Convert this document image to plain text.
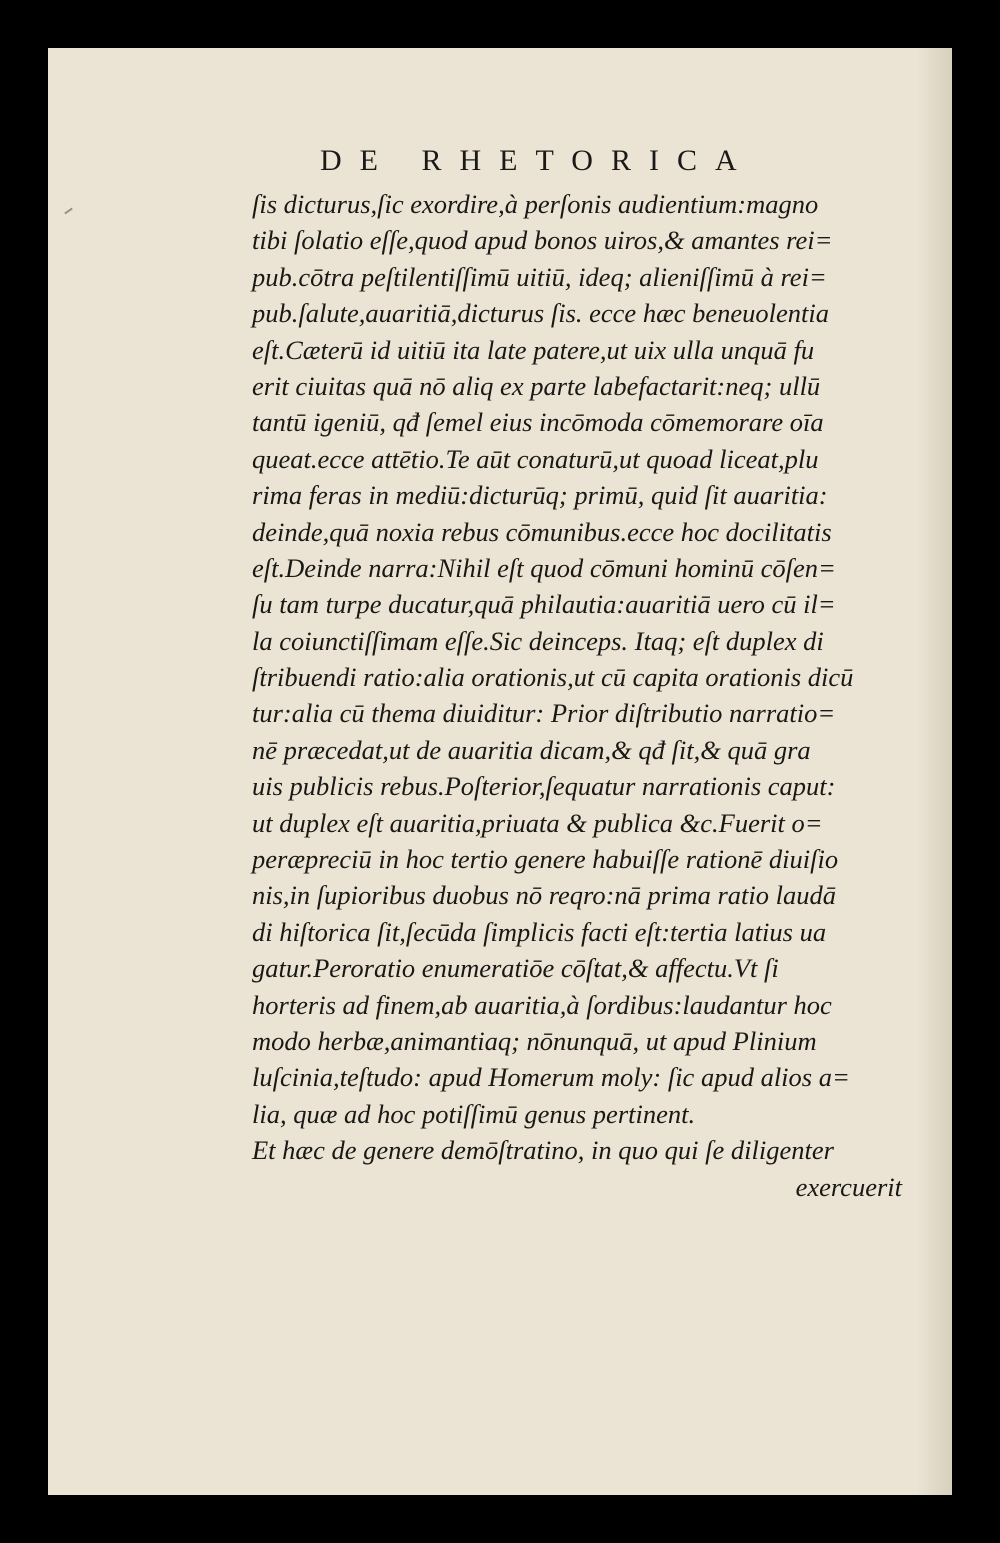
DE RHETORICA
ſis dicturus,ſic exordire,à perſonis audientium:magno
tibi ſolatio eſſe,quod apud bonos uiros,& amantes rei=
pub.cōtra peſtilentiſſimū uitiū, ideq; alieniſſimū à rei=
pub.ſalute,auaritiā,dicturus ſis. ecce hæc beneuolentia
eſt.Cæterū id uitiū ita late patere,ut uix ulla unquā fu
erit ciuitas quā nō aliq ex parte labefactarit:neq; ullū
tantū igeniū, qđ ſemel eius incōmoda cōmemorare oīa
queat.ecce attētio.Te aūt conaturū,ut quoad liceat,plu
rima feras in mediū:dicturūq; primū, quid ſit auaritia:
deinde,quā noxia rebus cōmunibus.ecce hoc docilitatis
eſt.Deinde narra:Nihil eſt quod cōmuni hominū cōſen=
ſu tam turpe ducatur,quā philautia:auaritiā uero cū il=
la coiunctiſſimam eſſe.Sic deinceps. Itaq; eſt duplex di
ſtribuendi ratio:alia orationis,ut cū capita orationis dicū
tur:alia cū thema diuiditur: Prior diſtributio narratio=
nē præcedat,ut de auaritia dicam,& qđ ſit,& quā gra
uis publicis rebus.Poſterior,ſequatur narrationis caput:
ut duplex eſt auaritia,priuata & publica &c.Fuerit o=
peræpreciū in hoc tertio genere habuiſſe rationē diuiſio
nis,in ſupioribus duobus nō reqro:nā prima ratio laudā
di hiſtorica ſit,ſecūda ſimplicis facti eſt:tertia latius ua
gatur.Peroratio enumeratiōe cōſtat,& affectu.Vt ſi
horteris ad finem,ab auaritia,à ſordibus:laudantur hoc
modo herbæ,animantiaq; nōnunquā, ut apud Plinium
luſcinia,teſtudo: apud Homerum moly: ſic apud alios a=
lia, quæ ad hoc potiſſimū genus pertinent.
Et hæc de genere demōſtratino, in quo qui ſe diligenter
exercuerit
